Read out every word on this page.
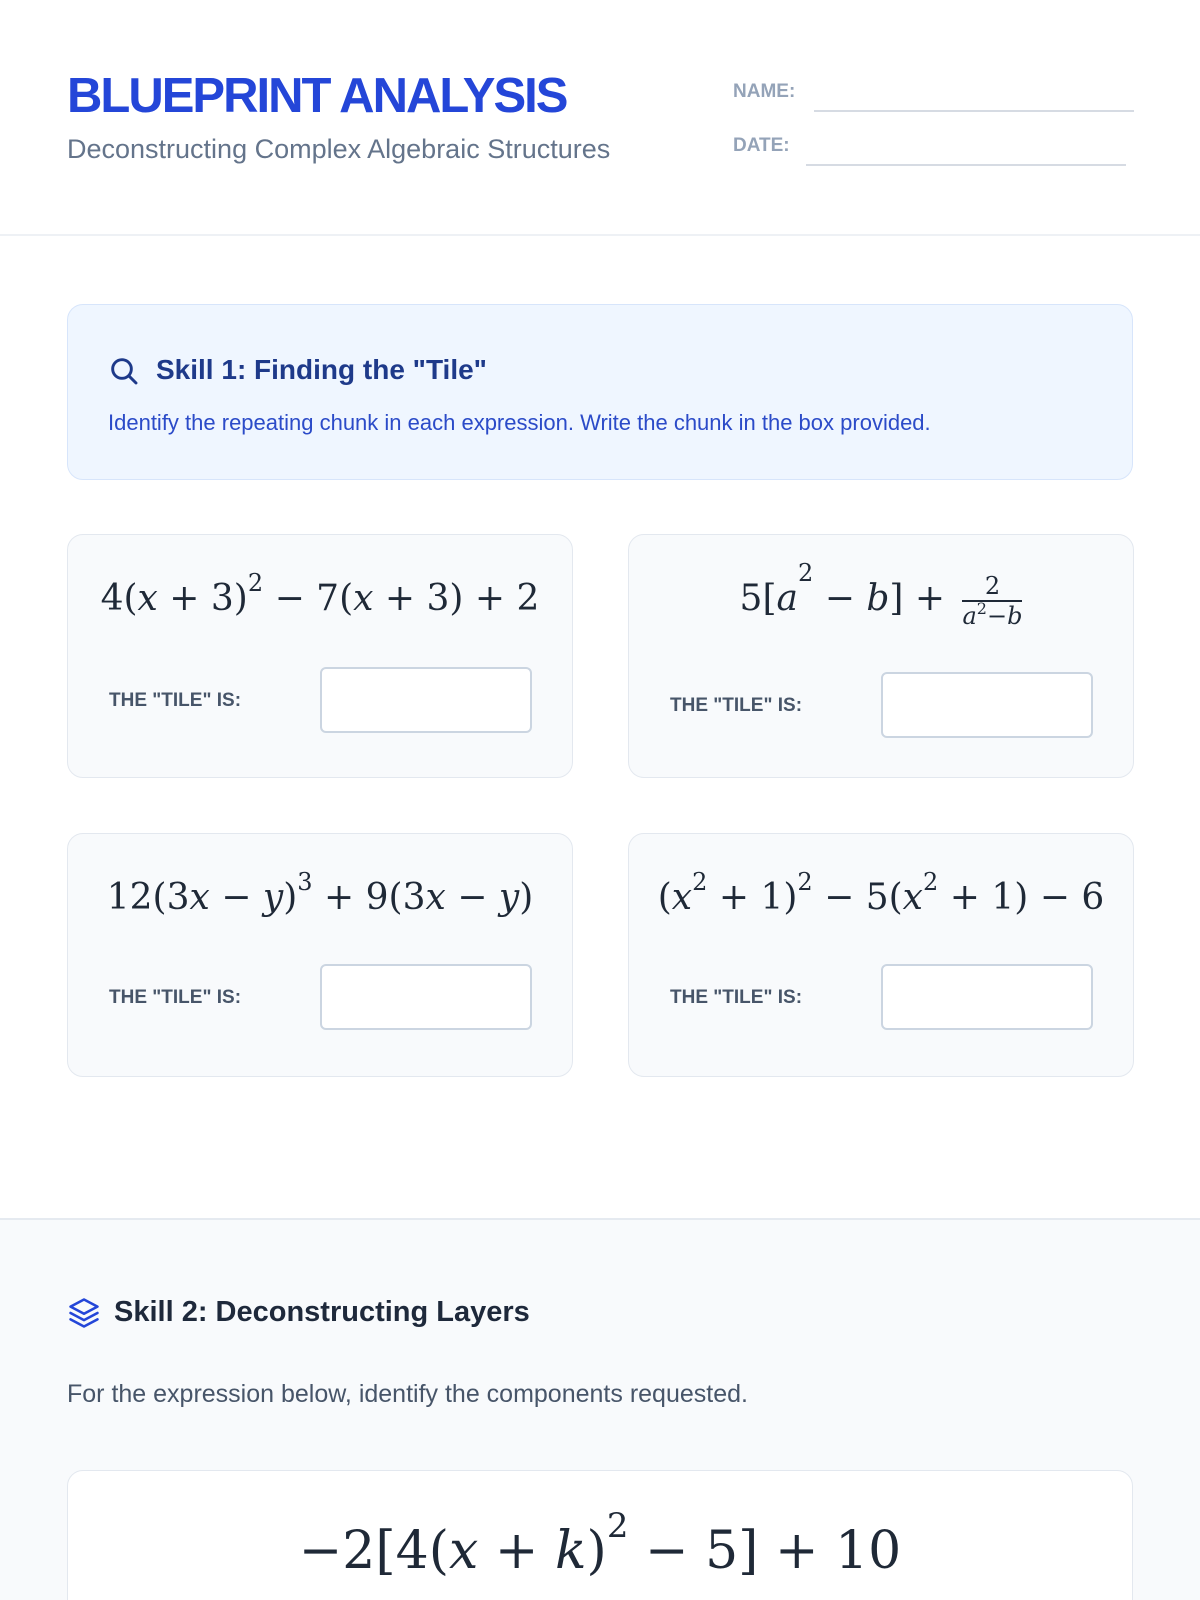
BLUEPRINT ANALYSIS
Deconstructing Complex Algebraic Structures
NAME:
DATE:
Skill 1: Finding the "Tile"
Identify the repeating chunk in each expression. Write the chunk in the box provided.
$4(x + 3)^2 - 7(x + 3) + 2$
THE "TILE" IS:
$5[a^2 - b] + \frac{2}{a^2-b}$
THE "TILE" IS:
$12(3x - y)^3 + 9(3x - y)$
THE "TILE" IS:
$(x^2 + 1)^2 - 5(x^2 + 1) - 6$
THE "TILE" IS:
Skill 2: Deconstructing Layers
For the expression below, identify the components requested.
$-2[4(x + k)^2 - 5] + 10$
